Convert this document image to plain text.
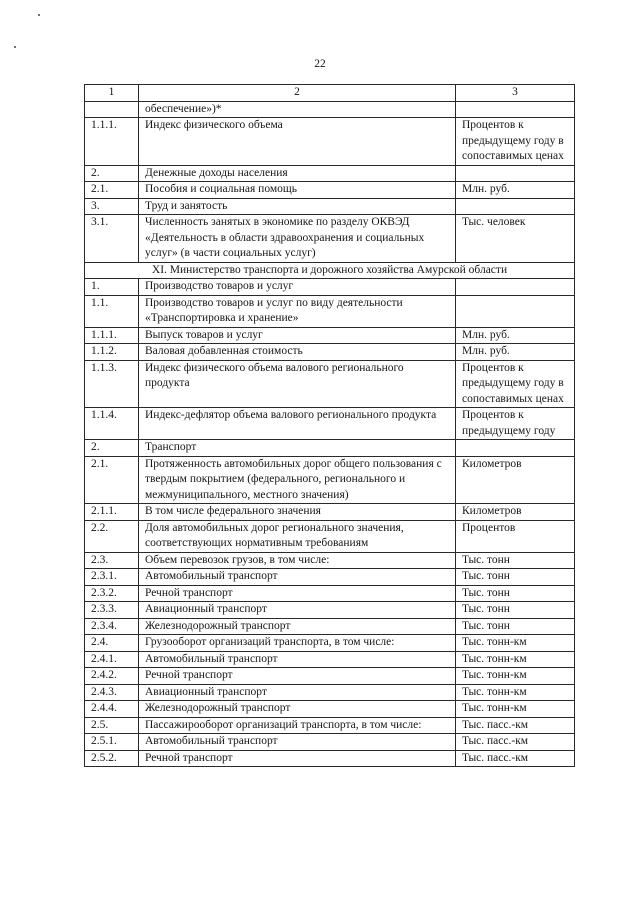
22
1	2	3
	обеспечение»)*	
1.1.1.	Индекс физического объема	Процентов к предыдущему году в сопоставимых ценах
2.	Денежные доходы населения	
2.1.	Пособия и социальная помощь	Млн. руб.
3.	Труд и занятость	
3.1.	Численность занятых в экономике по разделу ОКВЭД «Деятельность в области здравоохранения и социальных услуг» (в части социальных услуг)	Тыс. человек
XI. Министерство транспорта и дорожного хозяйства Амурской области		
1.	Производство товаров и услуг	
1.1.	Производство товаров и услуг по виду деятельности «Транспортировка и хранение»	
1.1.1.	Выпуск товаров и услуг	Млн. руб.
1.1.2.	Валовая добавленная стоимость	Млн. руб.
1.1.3.	Индекс физического объема валового регионального продукта	Процентов к предыдущему году в сопоставимых ценах
1.1.4.	Индекс-дефлятор объема валового регионального продукта	Процентов к предыдущему году
2.	Транспорт	
2.1.	Протяженность автомобильных дорог общего пользования с твердым покрытием (федерального, регионального и межмуниципального, местного значения)	Километров
2.1.1.	В том числе федерального значения	Километров
2.2.	Доля автомобильных дорог регионального значения, соответствующих нормативным требованиям	Процентов
2.3.	Объем перевозок грузов, в том числе:	Тыс. тонн
2.3.1.	Автомобильный транспорт	Тыс. тонн
2.3.2.	Речной транспорт	Тыс. тонн
2.3.3.	Авиационный транспорт	Тыс. тонн
2.3.4.	Железнодорожный транспорт	Тыс. тонн
2.4.	Грузооборот организаций транспорта, в том числе:	Тыс. тонн-км
2.4.1.	Автомобильный транспорт	Тыс. тонн-км
2.4.2.	Речной транспорт	Тыс. тонн-км
2.4.3.	Авиационный транспорт	Тыс. тонн-км
2.4.4.	Железнодорожный транспорт	Тыс. тонн-км
2.5.	Пассажирооборот организаций транспорта, в том числе:	Тыс. пасс.-км
2.5.1.	Автомобильный транспорт	Тыс. пасс.-км
2.5.2.	Речной транспорт	Тыс. пасс.-км
